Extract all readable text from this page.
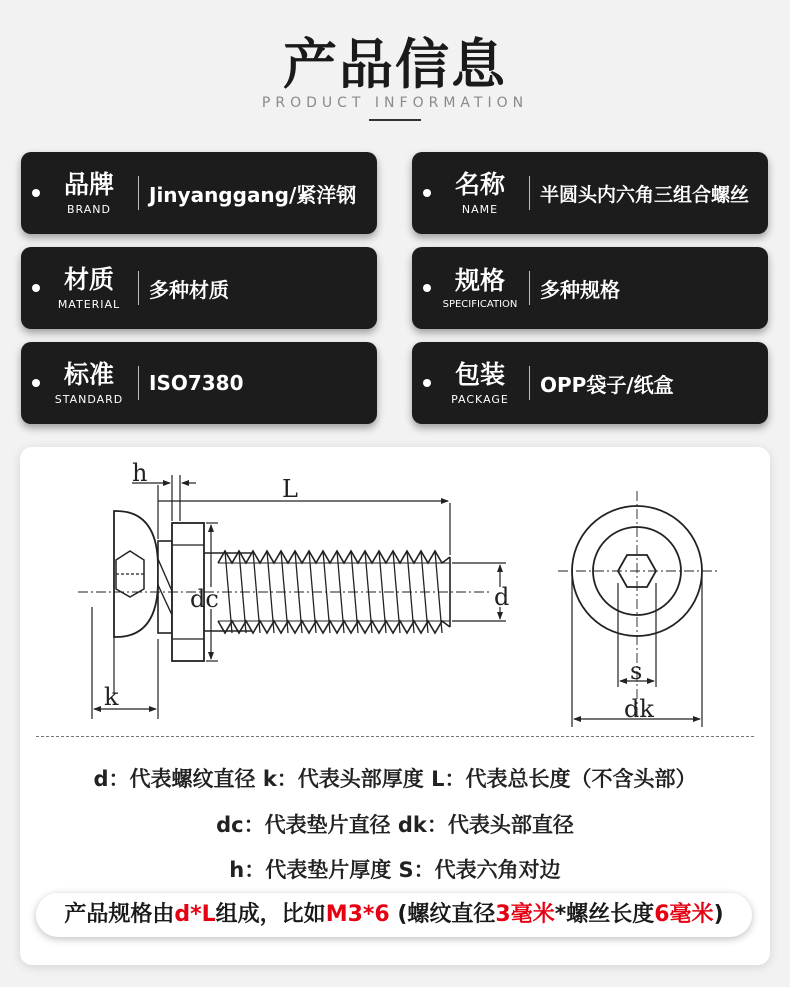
产品信息
PRODUCT INFORMATION
品牌
BRAND
Jinyanggang/紧洋钢	名称
NAME
半圆头内六角三组合螺丝
材质
MATERIAL
多种材质	规格
SPECIFICATION
多种规格
标准
STANDARD
ISO7380	包装
PACKAGE
OPP袋子/纸盒
h
L
dc	d
k
s
dk
d：代表螺纹直径 k：代表头部厚度 L：代表总长度（不含头部）
dc：代表垫片直径 dk：代表头部直径
h：代表垫片厚度 S：代表六角对边
产品规格由d*L组成，比如M3*6 (螺纹直径3毫米*螺丝长度6毫米)
